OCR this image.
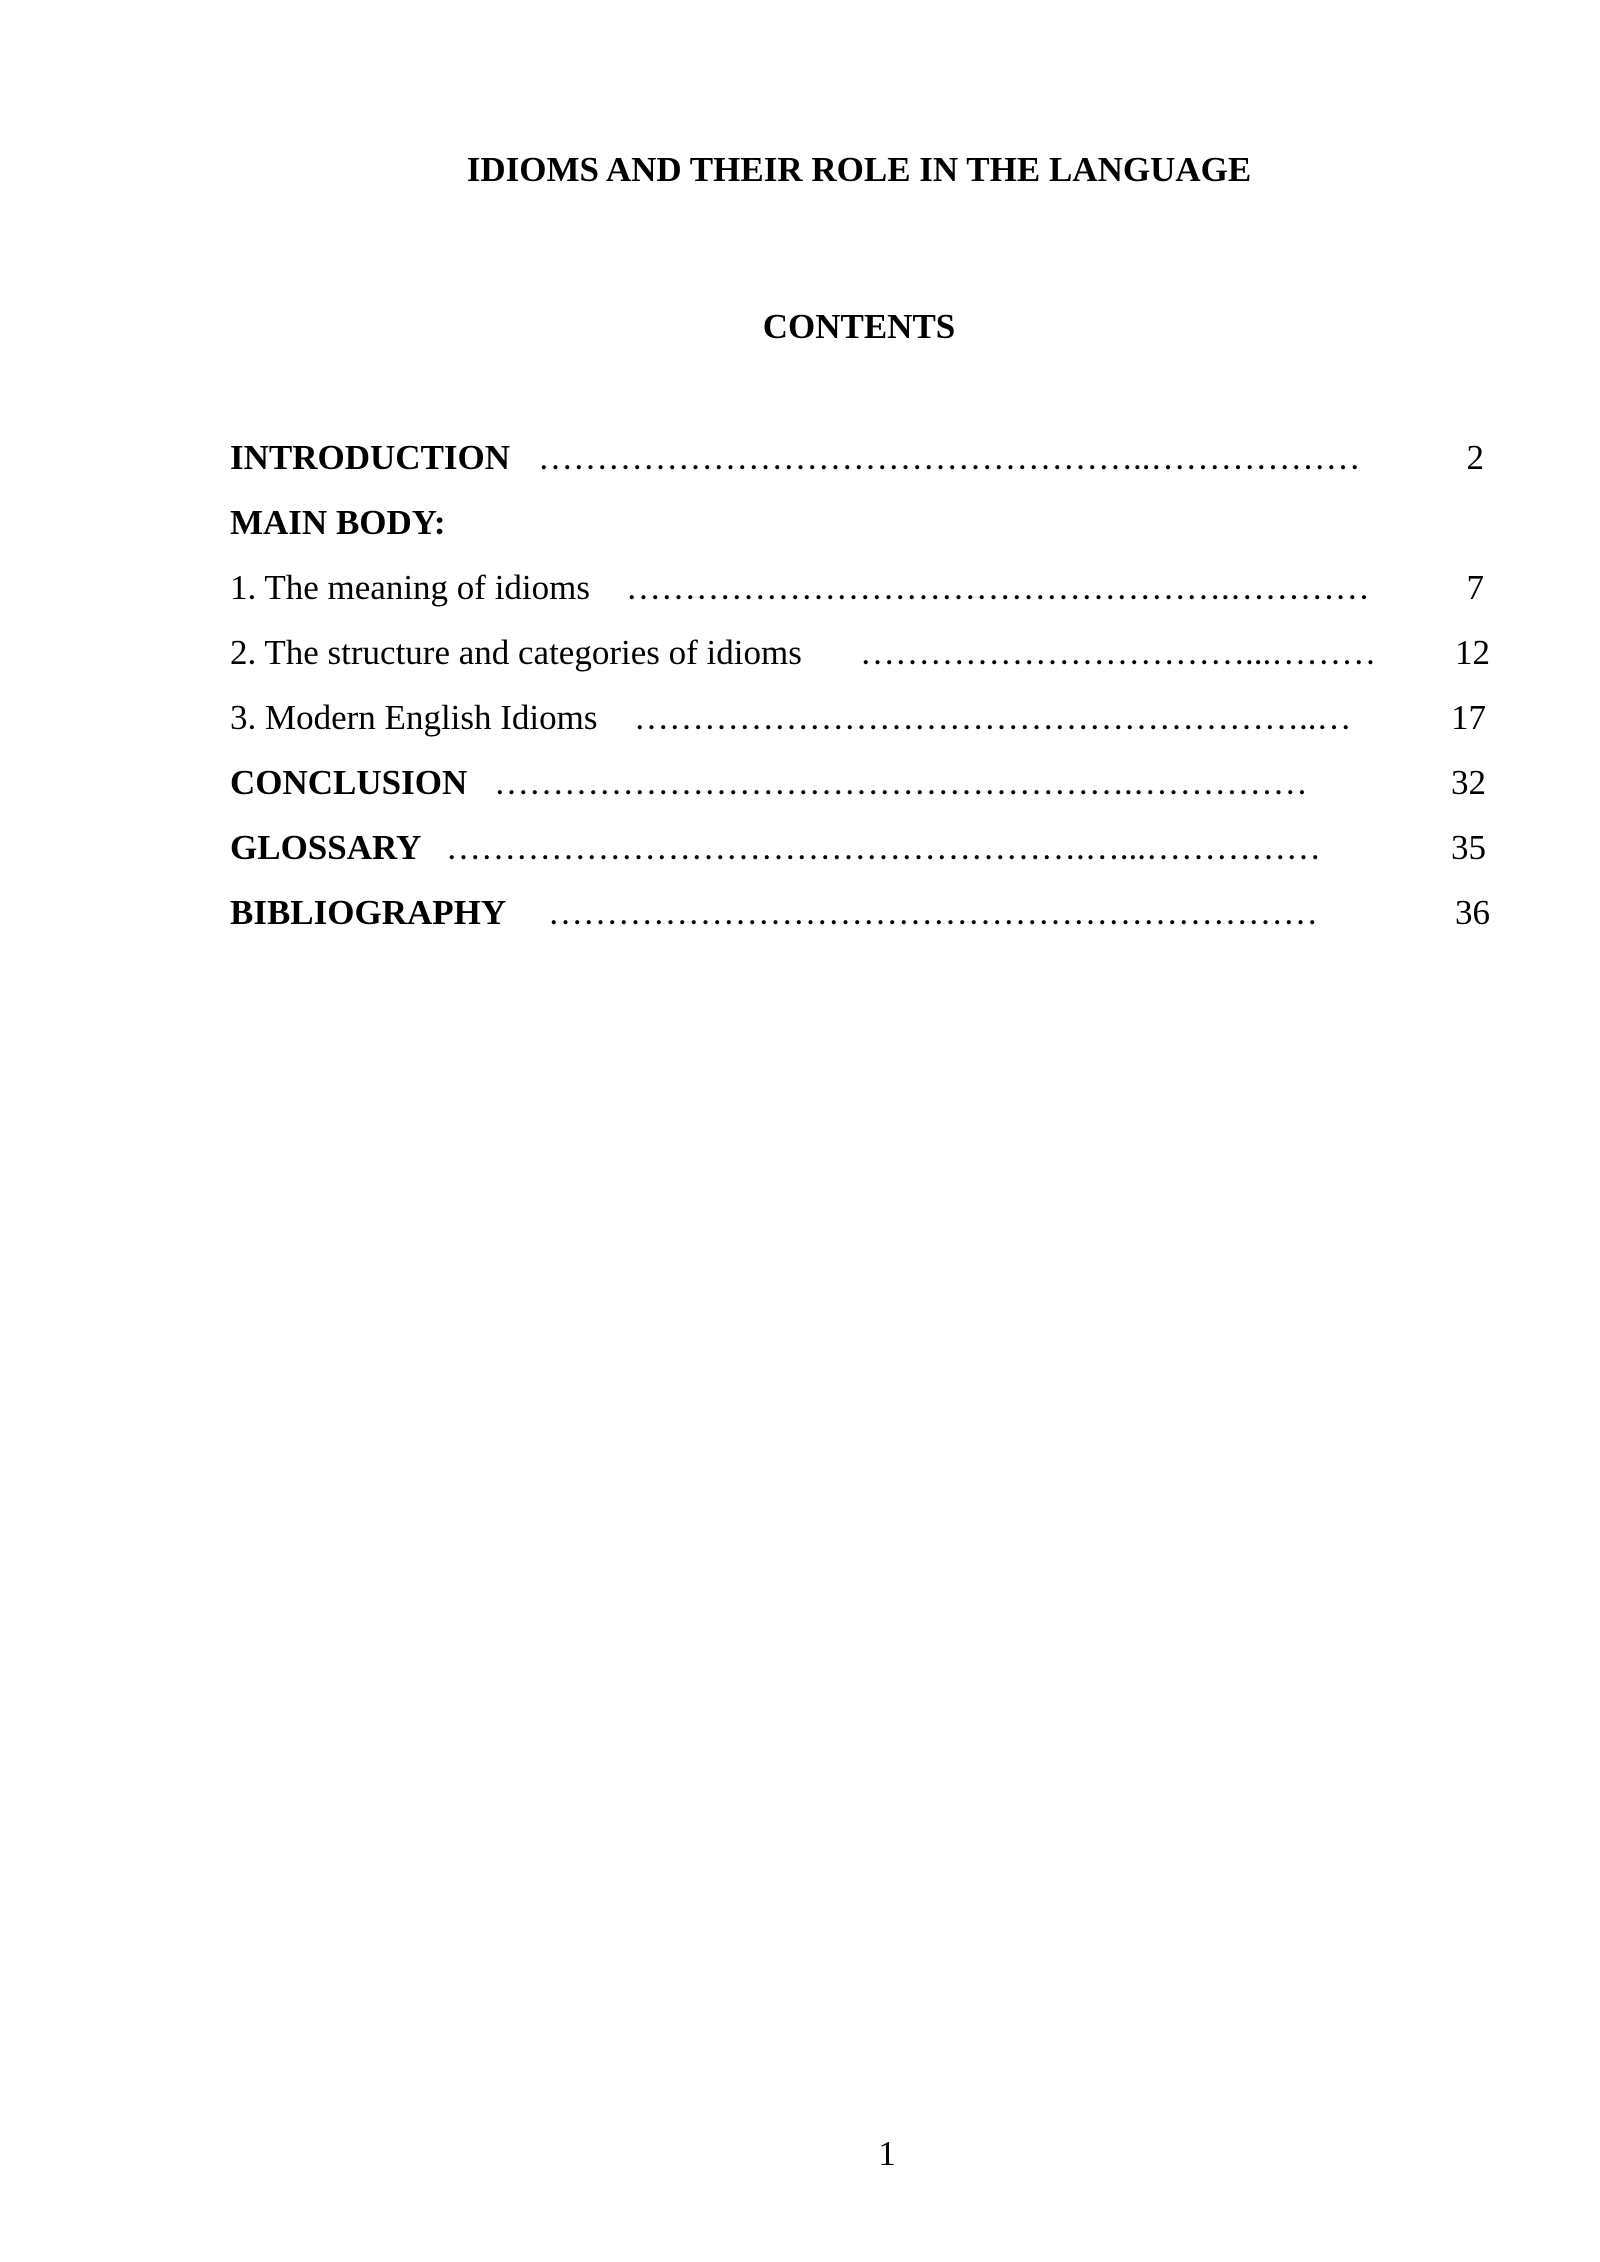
IDIOMS AND THEIR ROLE IN THE LANGUAGE
CONTENTS
INTRODUCTION ……………………………………………..………………	2
MAIN BODY:
1. The meaning of idioms …………………………………………….…………	7
2. The structure and categories of idioms ……………………………...………	12
3. Modern English Idioms …………………………………………………..…	17
CONCLUSION ……………………………………………….……………	32
GLOSSARY ……………………………………………….…...……………	35
BIBLIOGRAPHY …………………………………………………………	36
1
